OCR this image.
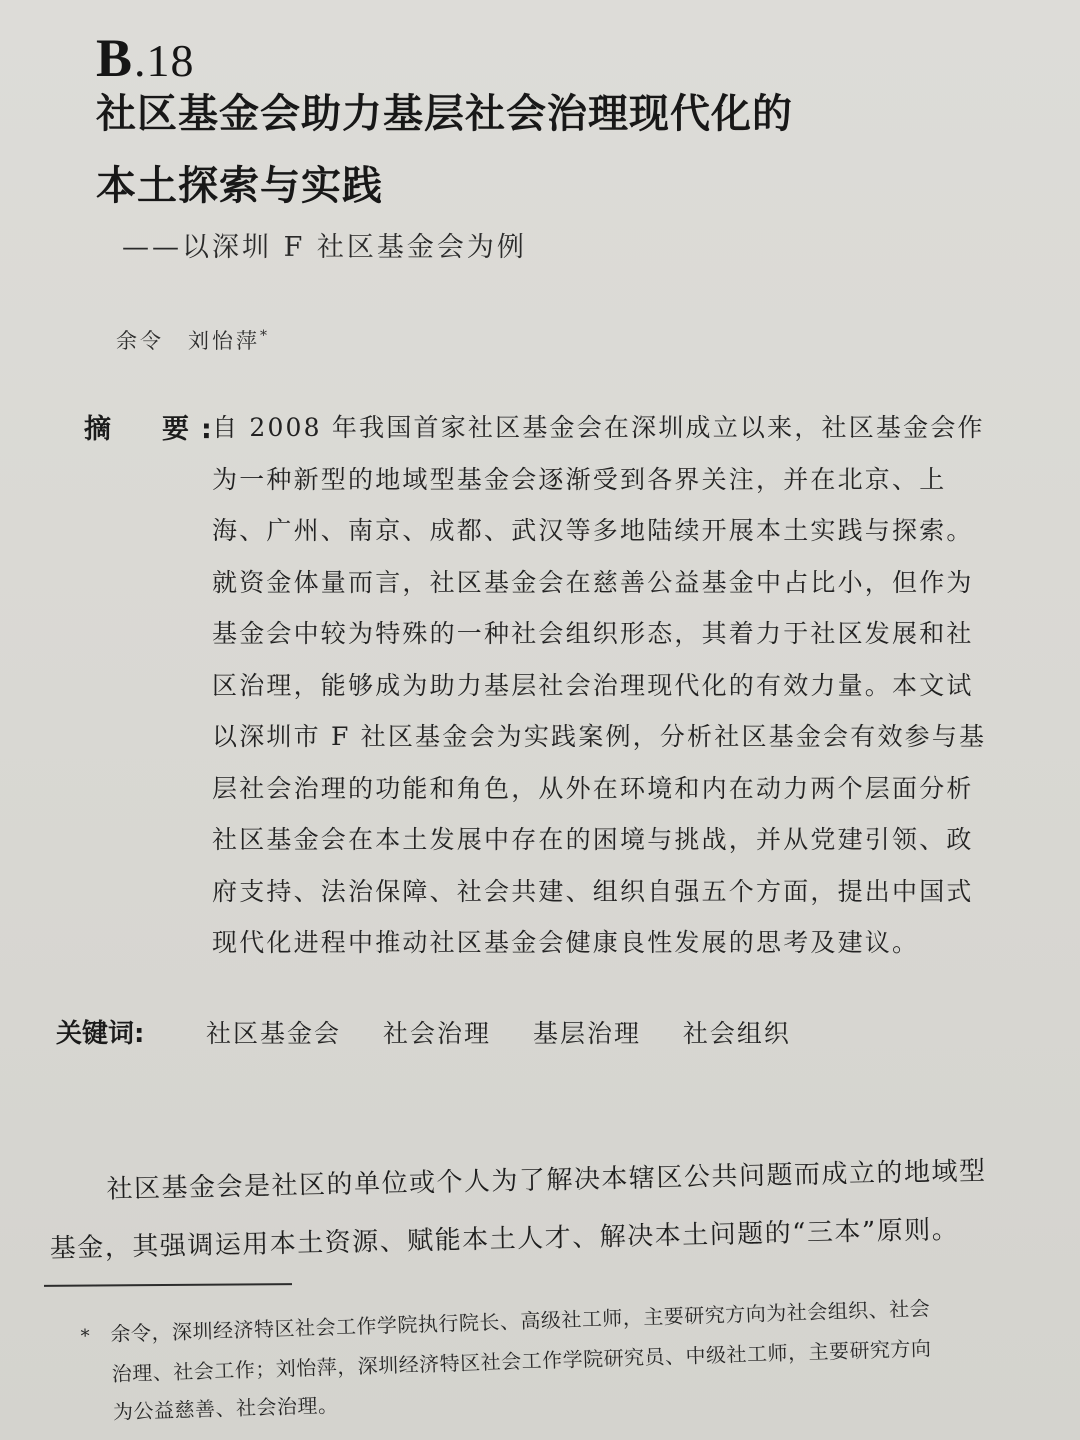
B.18
社区基金会助力基层社会治理现代化的
本土探索与实践
——以深圳 F 社区基金会为例
余令　刘怡萍*
摘　要:
自 2008 年我国首家社区基金会在深圳成立以来，社区基金会作
为一种新型的地域型基金会逐渐受到各界关注，并在北京、上
海、广州、南京、成都、武汉等多地陆续开展本土实践与探索。
就资金体量而言，社区基金会在慈善公益基金中占比小，但作为
基金会中较为特殊的一种社会组织形态，其着力于社区发展和社
区治理，能够成为助力基层社会治理现代化的有效力量。本文试
以深圳市 F 社区基金会为实践案例，分析社区基金会有效参与基
层社会治理的功能和角色，从外在环境和内在动力两个层面分析
社区基金会在本土发展中存在的困境与挑战，并从党建引领、政
府支持、法治保障、社会共建、组织自强五个方面，提出中国式
现代化进程中推动社区基金会健康良性发展的思考及建议。
关键词: 社区基金会 社会治理 基层治理 社会组织
社区基金会是社区的单位或个人为了解决本辖区公共问题而成立的地域型
基金，其强调运用本土资源、赋能本土人才、解决本土问题的“三本”原则。
* 余令，深圳经济特区社会工作学院执行院长、高级社工师，主要研究方向为社会组织、社会
治理、社会工作；刘怡萍，深圳经济特区社会工作学院研究员、中级社工师，主要研究方向
为公益慈善、社会治理。
